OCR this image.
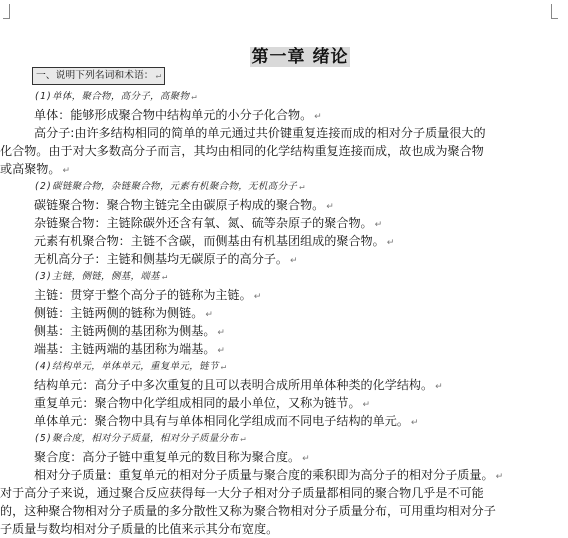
第一章 绪论
一、说明下列名词和术语： ↵
(1)单体，聚合物，高分子，高聚物 ↵
单体：能够形成聚合物中结构单元的小分子化合物。 ↵
高分子:由许多结构相同的简单的单元通过共价键重复连接而成的相对分子质量很大的
化合物。由于对大多数高分子而言，其均由相同的化学结构重复连接而成，故也成为聚合物
或高聚物。 ↵
(2)碳链聚合物，杂链聚合物，元素有机聚合物，无机高分子 ↵
碳链聚合物：聚合物主链完全由碳原子构成的聚合物。 ↵
杂链聚合物：主链除碳外还含有氧、氮、硫等杂原子的聚合物。 ↵
元素有机聚合物：主链不含碳，而侧基由有机基团组成的聚合物。 ↵
无机高分子：主链和侧基均无碳原子的高分子。 ↵
(3)主链，侧链，侧基，端基 ↵
主链：贯穿于整个高分子的链称为主链。 ↵
侧链：主链两侧的链称为侧链。 ↵
侧基：主链两侧的基团称为侧基。 ↵
端基：主链两端的基团称为端基。 ↵
(4)结构单元，单体单元，重复单元，链节 ↵
结构单元：高分子中多次重复的且可以表明合成所用单体种类的化学结构。 ↵
重复单元：聚合物中化学组成相同的最小单位，又称为链节。 ↵
单体单元：聚合物中具有与单体相同化学组成而不同电子结构的单元。 ↵
(5)聚合度，相对分子质量，相对分子质量分布 ↵
聚合度：高分子链中重复单元的数目称为聚合度。 ↵
相对分子质量：重复单元的相对分子质量与聚合度的乘积即为高分子的相对分子质量。 ↵
对于高分子来说，通过聚合反应获得每一大分子相对分子质量都相同的聚合物几乎是不可能
的，这种聚合物相对分子质量的多分散性又称为聚合物相对分子质量分布，可用重均相对分子
子质量与数均相对分子质量的比值来示其分布宽度。
